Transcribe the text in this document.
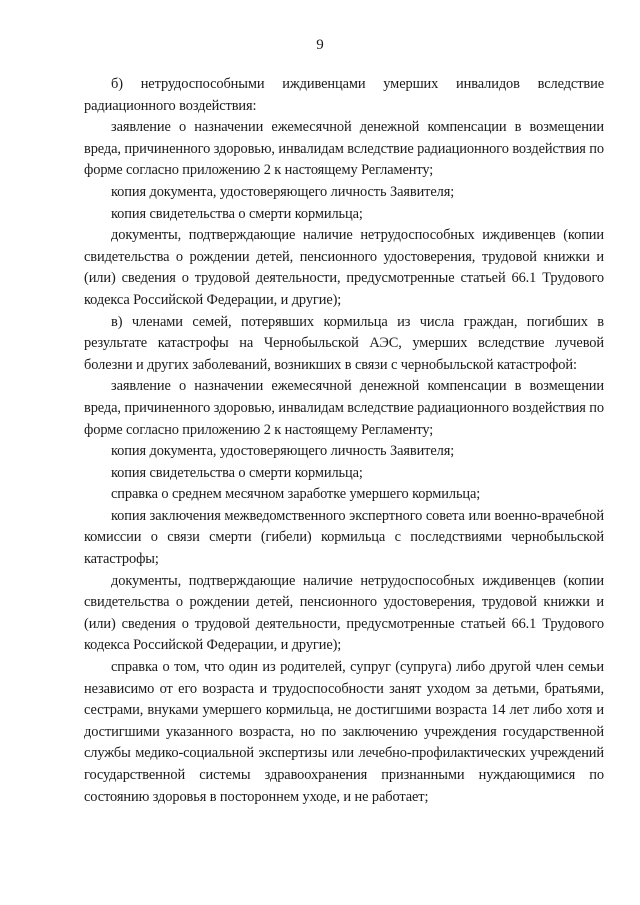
9

б) нетрудоспособными иждивенцами умерших инвалидов вследствие радиационного воздействия:

заявление о назначении ежемесячной денежной компенсации в возмещении вреда, причиненного здоровью, инвалидам вследствие радиационного воздействия по форме согласно приложению 2 к настоящему Регламенту;

копия документа, удостоверяющего личность Заявителя;

копия свидетельства о смерти кормильца;

документы, подтверждающие наличие нетрудоспособных иждивенцев (копии свидетельства о рождении детей, пенсионного удостоверения, трудовой книжки и (или) сведения о трудовой деятельности, предусмотренные статьей 66.1 Трудового кодекса Российской Федерации, и другие);

в) членами семей, потерявших кормильца из числа граждан, погибших в результате катастрофы на Чернобыльской АЭС, умерших вследствие лучевой болезни и других заболеваний, возникших в связи с чернобыльской катастрофой:

заявление о назначении ежемесячной денежной компенсации в возмещении вреда, причиненного здоровью, инвалидам вследствие радиационного воздействия по форме согласно приложению 2 к настоящему Регламенту;

копия документа, удостоверяющего личность Заявителя;

копия свидетельства о смерти кормильца;

справка о среднем месячном заработке умершего кормильца;

копия заключения межведомственного экспертного совета или военно-врачебной комиссии о связи смерти (гибели) кормильца с последствиями чернобыльской катастрофы;

документы, подтверждающие наличие нетрудоспособных иждивенцев (копии свидетельства о рождении детей, пенсионного удостоверения, трудовой книжки и (или) сведения о трудовой деятельности, предусмотренные статьей 66.1 Трудового кодекса Российской Федерации, и другие);

справка о том, что один из родителей, супруг (супруга) либо другой член семьи независимо от его возраста и трудоспособности занят уходом за детьми, братьями, сестрами, внуками умершего кормильца, не достигшими возраста 14 лет либо хотя и достигшими указанного возраста, но по заключению учреждения государственной службы медико-социальной экспертизы или лечебно-профилактических учреждений государственной системы здравоохранения признанными нуждающимися по состоянию здоровья в постороннем уходе, и не работает;
